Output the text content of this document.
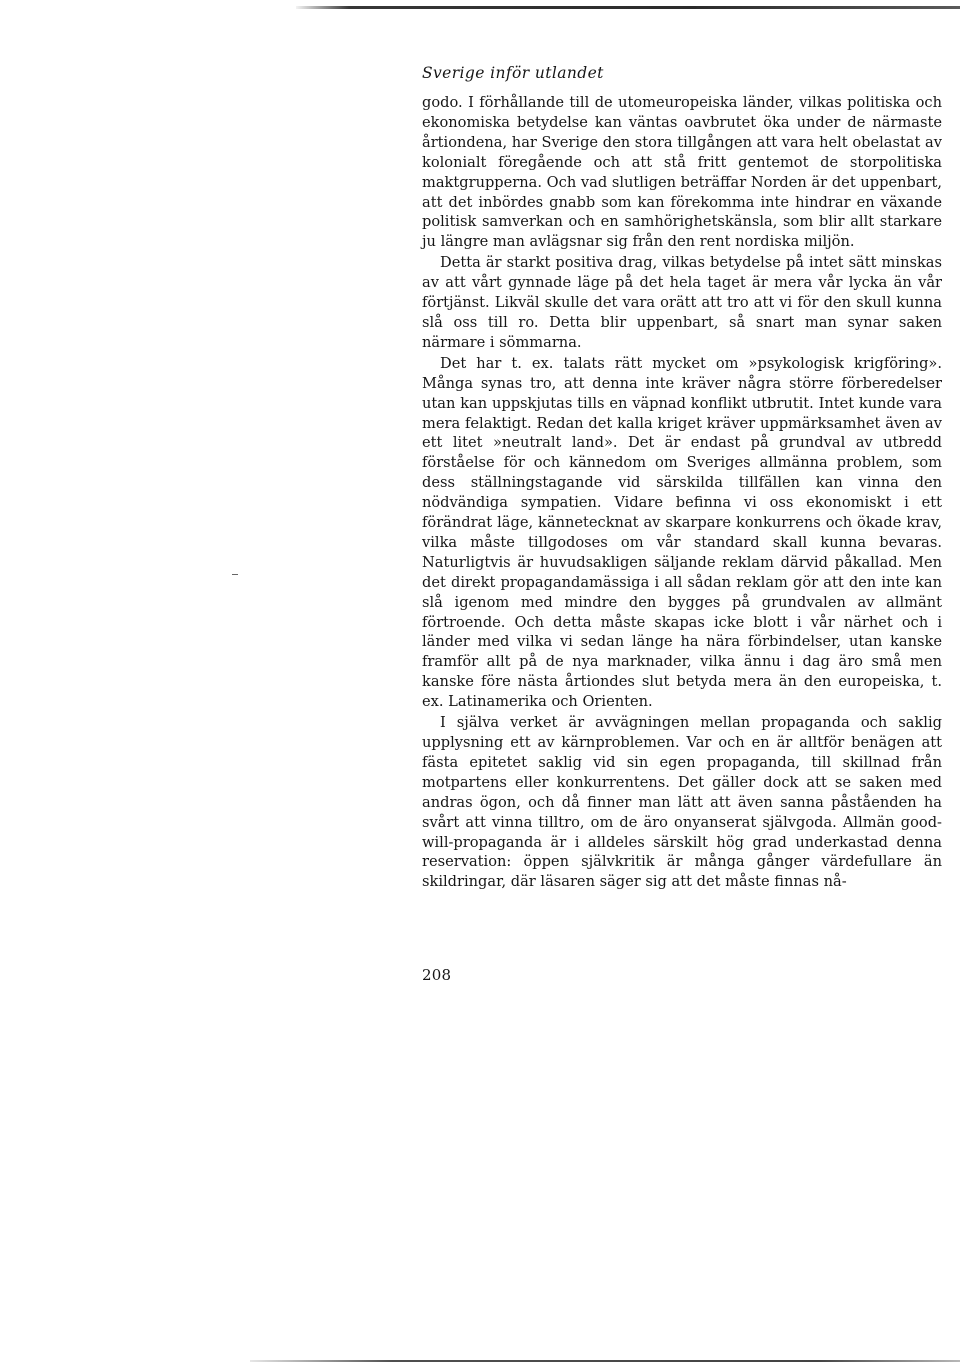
Sverige inför utlandet

godo. I förhållande till de utomeuropeiska länder, vilkas politiska och ekonomiska betydelse kan väntas oavbrutet öka under de närmaste årtiondena, har Sverige den stora tillgången att vara helt obelastat av kolonialt föregående och att stå fritt gentemot de storpolitiska maktgrupperna. Och vad slutligen beträffar Norden är det uppenbart, att det inbördes gnabb som kan förekomma inte hindrar en växande politisk samverkan och en samhörighetskänsla, som blir allt starkare ju längre man avlägsnar sig från den rent nordiska miljön.

Detta är starkt positiva drag, vilkas betydelse på intet sätt minskas av att vårt gynnade läge på det hela taget är mera vår lycka än vår förtjänst. Likväl skulle det vara orätt att tro att vi för den skull kunna slå oss till ro. Detta blir uppenbart, så snart man synar saken närmare i sömmarna.

Det har t. ex. talats rätt mycket om »psykologisk krigföring». Många synas tro, att denna inte kräver några större förberedelser utan kan uppskjutas tills en väpnad konflikt utbrutit. Intet kunde vara mera felaktigt. Redan det kalla kriget kräver uppmärksamhet även av ett litet »neutralt land». Det är endast på grundval av utbredd förståelse för och kännedom om Sveriges allmänna problem, som dess ställningstagande vid särskilda tillfällen kan vinna den nödvändiga sympatien. Vidare befinna vi oss ekonomiskt i ett förändrat läge, kännetecknat av skarpare konkurrens och ökade krav, vilka måste tillgodoses om vår standard skall kunna bevaras. Naturligtvis är huvudsakligen säljande reklam därvid påkallad. Men det direkt propagandamässiga i all sådan reklam gör att den inte kan slå igenom med mindre den bygges på grundvalen av allmänt förtroende. Och detta måste skapas icke blott i vår närhet och i länder med vilka vi sedan länge ha nära förbindelser, utan kanske framför allt på de nya marknader, vilka ännu i dag äro små men kanske före nästa årtiondes slut betyda mera än den europeiska, t. ex. Latinamerika och Orienten.

I själva verket är avvägningen mellan propaganda och saklig upplysning ett av kärnproblemen. Var och en är alltför benägen att fästa epitetet saklig vid sin egen propaganda, till skillnad från motpartens eller konkurrentens. Det gäller dock att se saken med andras ögon, och då finner man lätt att även sanna påståenden ha svårt att vinna tilltro, om de äro onyanserat självgoda. Allmän good-will-propaganda är i alldeles särskilt hög grad underkastad denna reservation: öppen självkritik är många gånger värdefullare än skildringar, där läsaren säger sig att det måste finnas nå-

208
